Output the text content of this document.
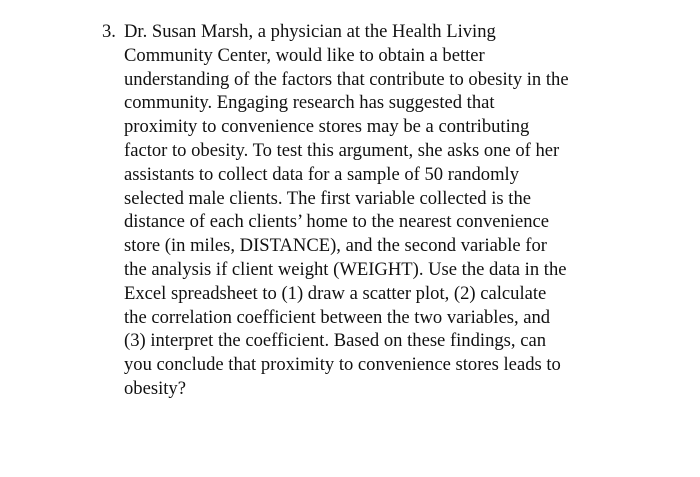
3. Dr. Susan Marsh, a physician at the Health Living
Community Center, would like to obtain a better
understanding of the factors that contribute to obesity in the
community. Engaging research has suggested that
proximity to convenience stores may be a contributing
factor to obesity. To test this argument, she asks one of her
assistants to collect data for a sample of 50 randomly
selected male clients. The first variable collected is the
distance of each clients’ home to the nearest convenience
store (in miles, DISTANCE), and the second variable for
the analysis if client weight (WEIGHT). Use the data in the
Excel spreadsheet to (1) draw a scatter plot, (2) calculate
the correlation coefficient between the two variables, and
(3) interpret the coefficient. Based on these findings, can
you conclude that proximity to convenience stores leads to
obesity?
